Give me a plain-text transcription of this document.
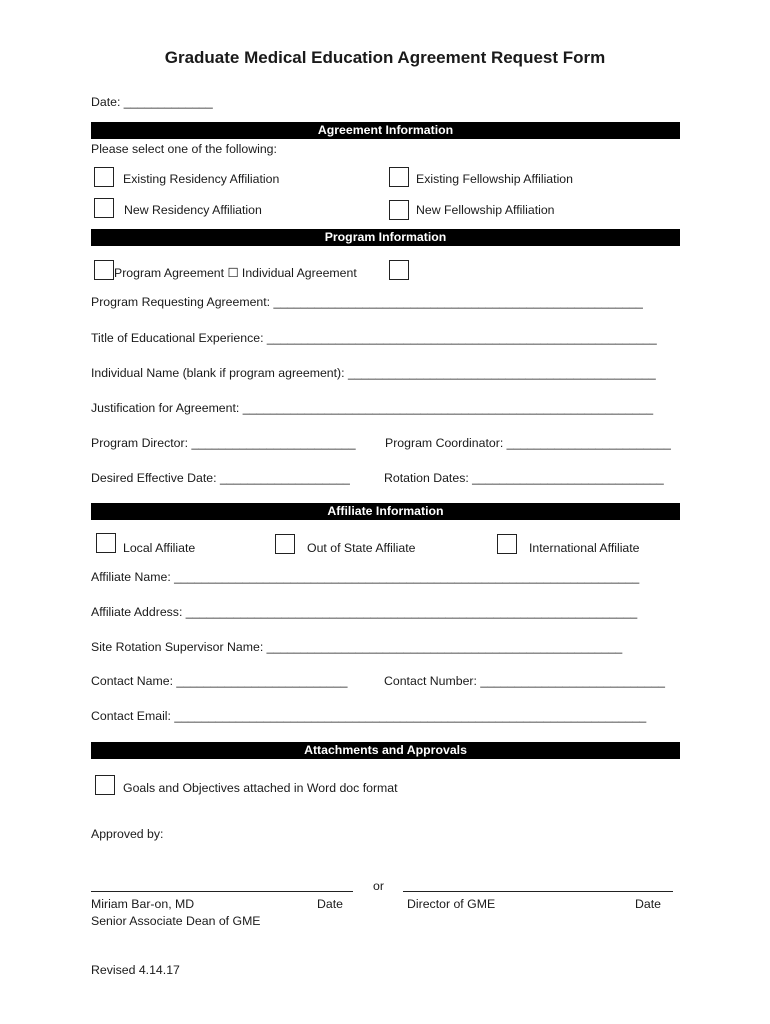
Graduate Medical Education Agreement Request Form
Date: _____________
Agreement Information
Please select one of the following:
Existing Residency Affiliation	Existing Fellowship Affiliation
New Residency Affiliation	New Fellowship Affiliation
Program Information
Program Agreement ☐ Individual Agreement
Program Requesting Agreement: ______________________________________________________
Title of Educational Experience: _________________________________________________________
Individual Name (blank if program agreement): _____________________________________________
Justification for Agreement: ____________________________________________________________
Program Director: ________________________ Program Coordinator: ________________________
Desired Effective Date: ___________________	Rotation Dates: ____________________________
Affiliate Information
Local Affiliate	Out of State Affiliate	International Affiliate
Affiliate Name: ____________________________________________________________________
Affiliate Address: __________________________________________________________________
Site Rotation Supervisor Name: ____________________________________________________
Contact Name: _________________________	Contact Number: ___________________________
Contact Email: _____________________________________________________________________
Attachments and Approvals
Goals and Objectives attached in Word doc format
Approved by:
or
Miriam Bar-on, MD	Date	Director of GME	Date
Senior Associate Dean of GME
Revised 4.14.17
